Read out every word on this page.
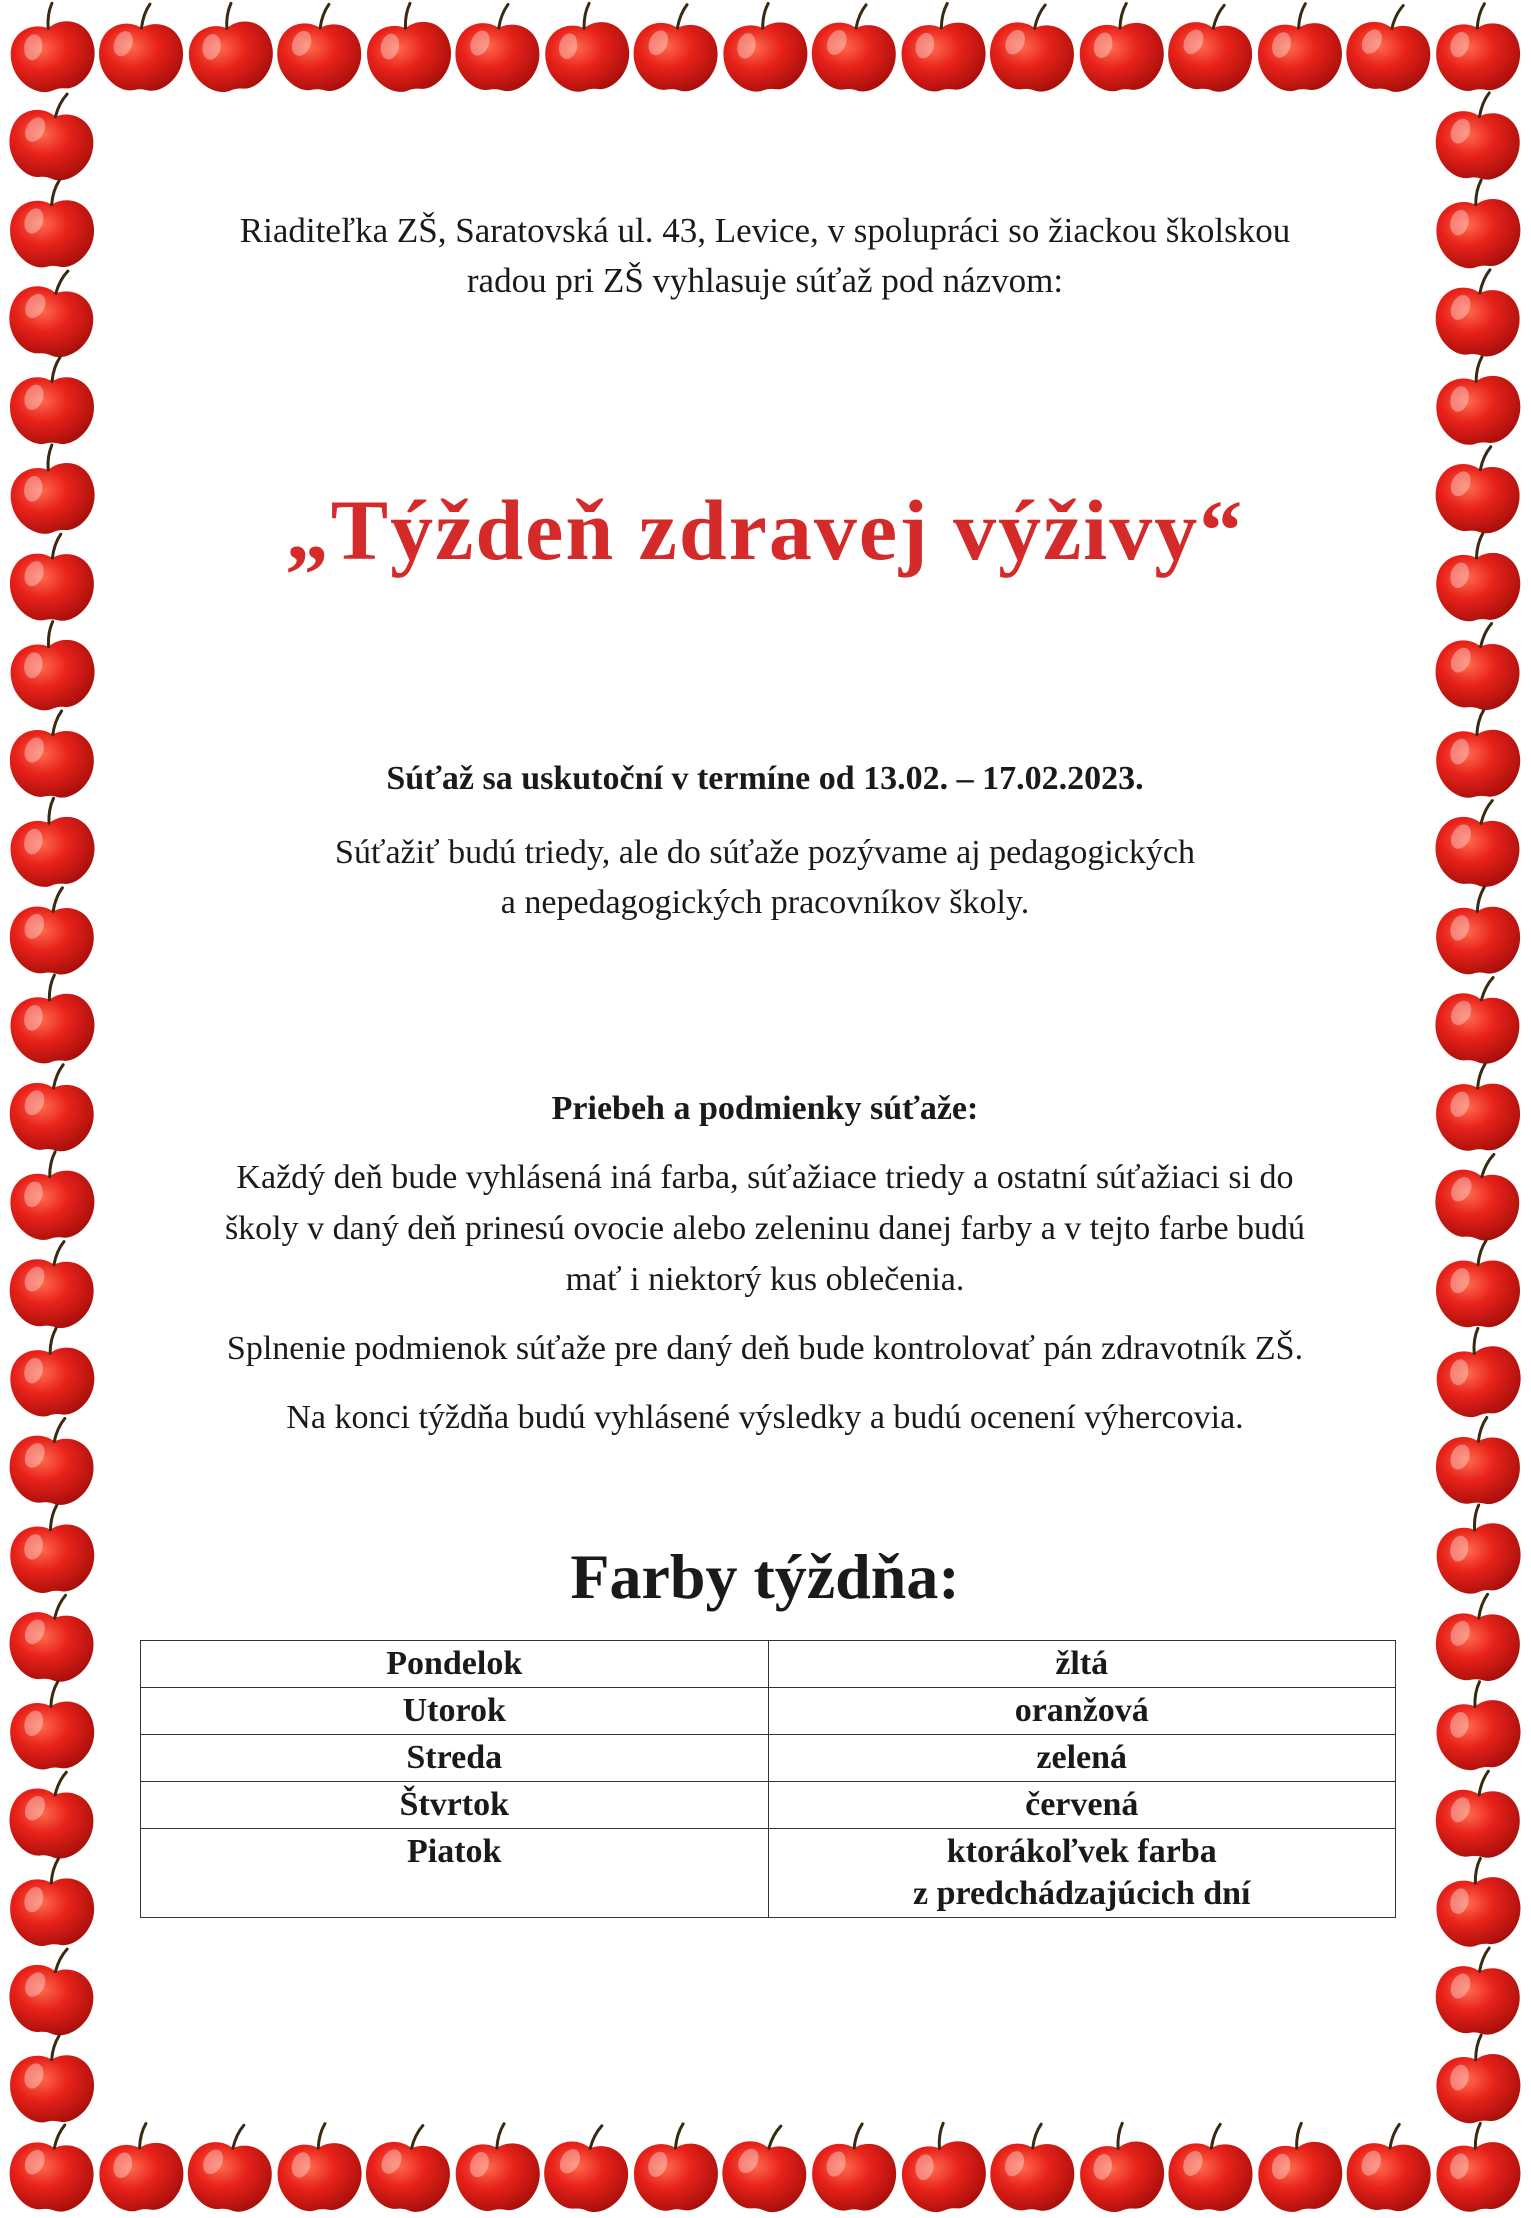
Riaditeľka ZŠ, Saratovská ul. 43, Levice, v spolupráci so žiackou školskou
radou pri ZŠ vyhlasuje súťaž pod názvom:
„Týždeň zdravej výživy“
Súťaž sa uskutoční v termíne od 13.02. – 17.02.2023.
Súťažiť budú triedy, ale do súťaže pozývame aj pedagogických
a nepedagogických pracovníkov školy.
Priebeh a podmienky súťaže:

Každý deň bude vyhlásená iná farba, súťažiace triedy a ostatní súťažiaci si do
školy v daný deň prinesú ovocie alebo zeleninu danej farby a v tejto farbe budú
mať i niektorý kus oblečenia.

Splnenie podmienok súťaže pre daný deň bude kontrolovať pán zdravotník ZŠ.

Na konci týždňa budú vyhlásené výsledky a budú ocenení výhercovia.

Farby týždňa:
Pondelok	žltá

Utorok	oranžová

Streda	zelená

Štvrtok	červená

Piatok	ktorákoľvek farba
z predchádzajúcich dní
